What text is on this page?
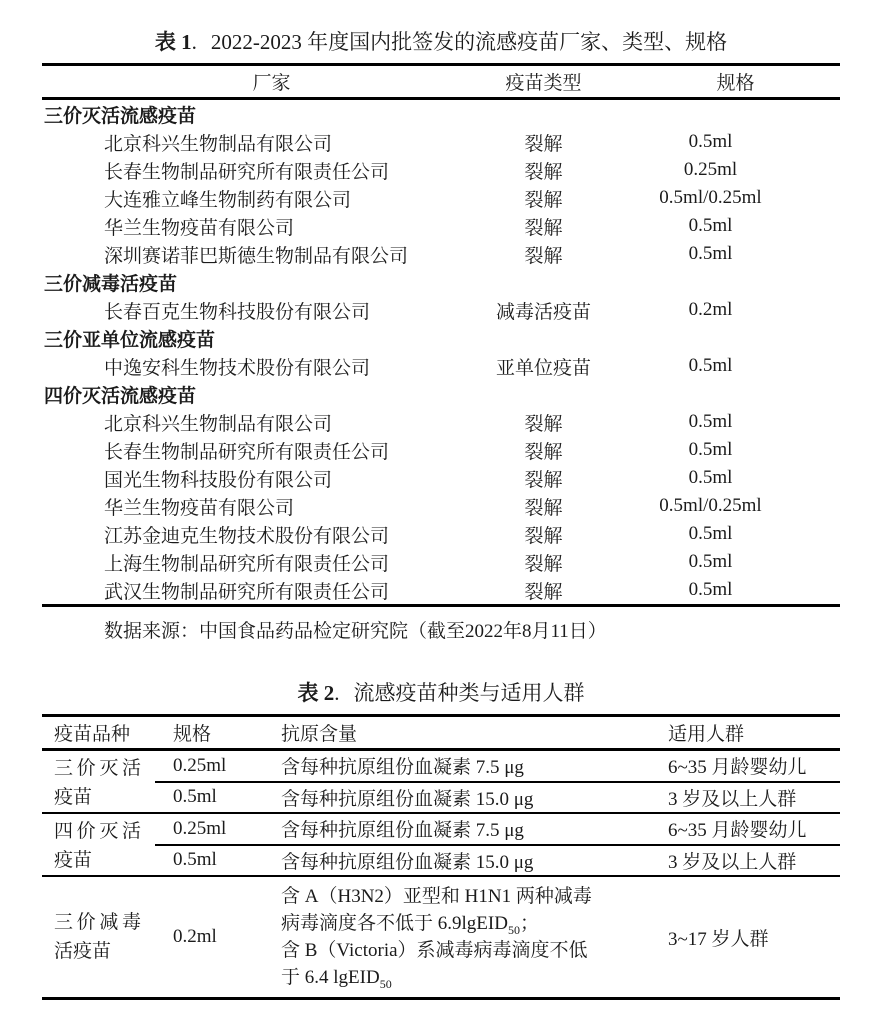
表 1. 2022-2023 年度国内批签发的流感疫苗厂家、类型、规格
厂家	疫苗类型	规格
三价灭活流感疫苗		
北京科兴生物制品有限公司	裂解	0.5ml
长春生物制品研究所有限责任公司	裂解	0.25ml
大连雅立峰生物制药有限公司	裂解	0.5ml/0.25ml
华兰生物疫苗有限公司	裂解	0.5ml
深圳赛诺菲巴斯德生物制品有限公司	裂解	0.5ml
三价减毒活疫苗		
长春百克生物科技股份有限公司	减毒活疫苗	0.2ml
三价亚单位流感疫苗		
中逸安科生物技术股份有限公司	亚单位疫苗	0.5ml
四价灭活流感疫苗		
北京科兴生物制品有限公司	裂解	0.5ml
长春生物制品研究所有限责任公司	裂解	0.5ml
国光生物科技股份有限公司	裂解	0.5ml
华兰生物疫苗有限公司	裂解	0.5ml/0.25ml
江苏金迪克生物技术股份有限公司	裂解	0.5ml
上海生物制品研究所有限责任公司	裂解	0.5ml
武汉生物制品研究所有限责任公司	裂解	0.5ml
数据来源：中国食品药品检定研究院（截至2022年8月11日）
表 2. 流感疫苗种类与适用人群
疫苗品种	规格	抗原含量	适用人群
三价灭活疫苗	0.25ml	含每种抗原组份血凝素 7.5 μg	6~35 月龄婴幼儿
	0.5ml	含每种抗原组份血凝素 15.0 μg	3 岁及以上人群
四价灭活疫苗	0.25ml	含每种抗原组份血凝素 7.5 μg	6~35 月龄婴幼儿
	0.5ml	含每种抗原组份血凝素 15.0 μg	3 岁及以上人群
三价减毒活疫苗	0.2ml	含 A（H3N2）亚型和 H1N1 两种减毒
病毒滴度各不低于 6.9lgEID$_{50}$；
含 B（Victoria）系减毒病毒滴度不低
于 6.4 lgEID$_{50}$	3~17 岁人群
